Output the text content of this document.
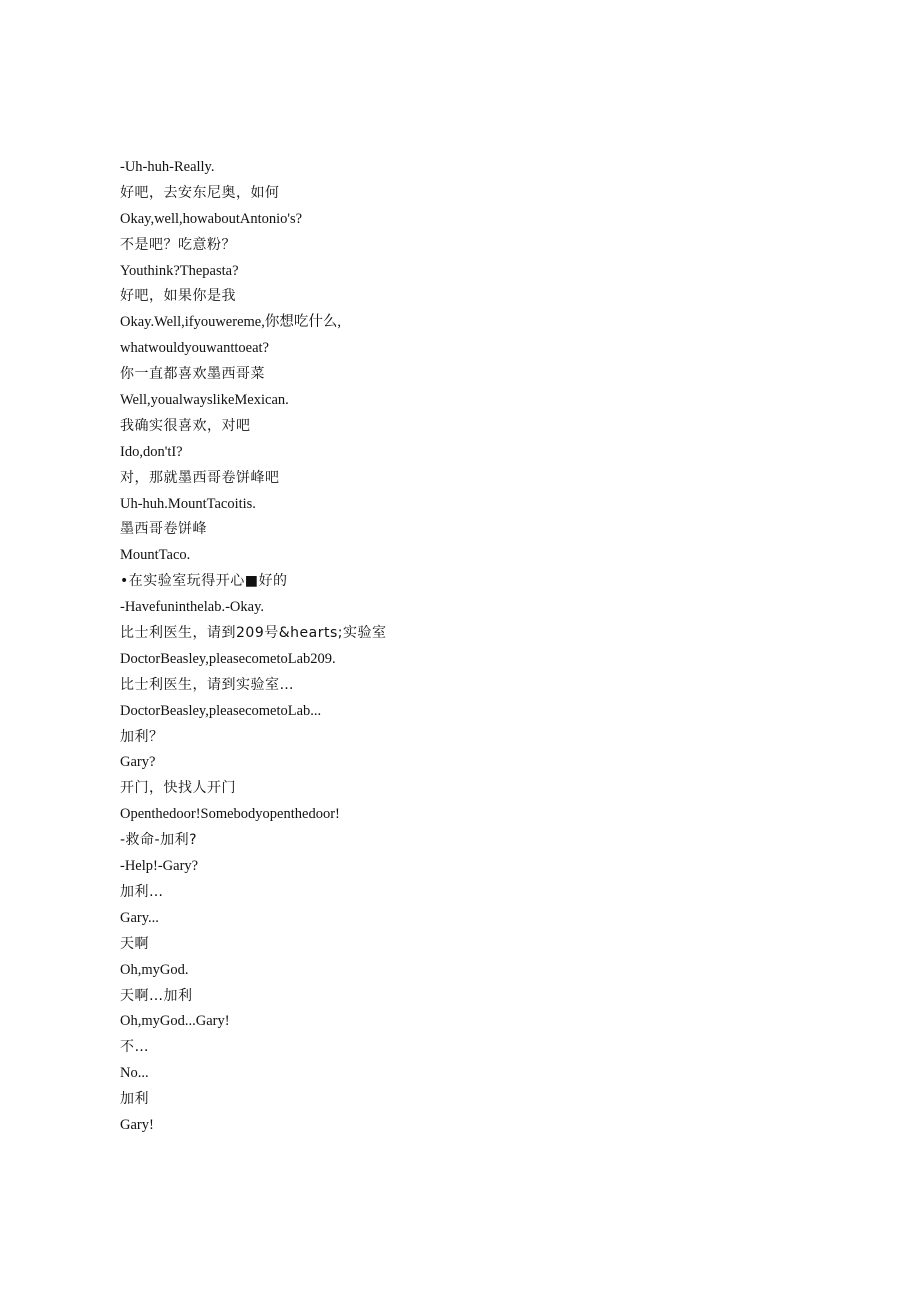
-Uh-huh-Really.
好吧，去安东尼奥，如何
Okay,well,howaboutAntonio's?
不是吧？吃意粉？
Youthink?Thepasta?
好吧，如果你是我
Okay.Well,ifyouwereme,你想吃什么,
whatwouldyouwanttoeat?
你一直都喜欢墨西哥菜
Well,youalwayslikeMexican.
我确实很喜欢，对吧
Ido,don'tI?
对，那就墨西哥卷饼峰吧
Uh-huh.MountTacoitis.
墨西哥卷饼峰
MountTaco.
•在实验室玩得开心■好的
-Havefuninthelab.-Okay.
比士利医生，请到209号&hearts;实验室
DoctorBeasley,pleasecometoLab209.
比士利医生，请到实验室…
DoctorBeasley,pleasecometoLab...
加利？
Gary?
开门，快找人开门
Openthedoor!Somebodyopenthedoor!
-救命-加利?
-Help!-Gary?
加利…
Gary...
天啊
Oh,myGod.
天啊…加利
Oh,myGod...Gary!
不…
No...
加利
Gary!
